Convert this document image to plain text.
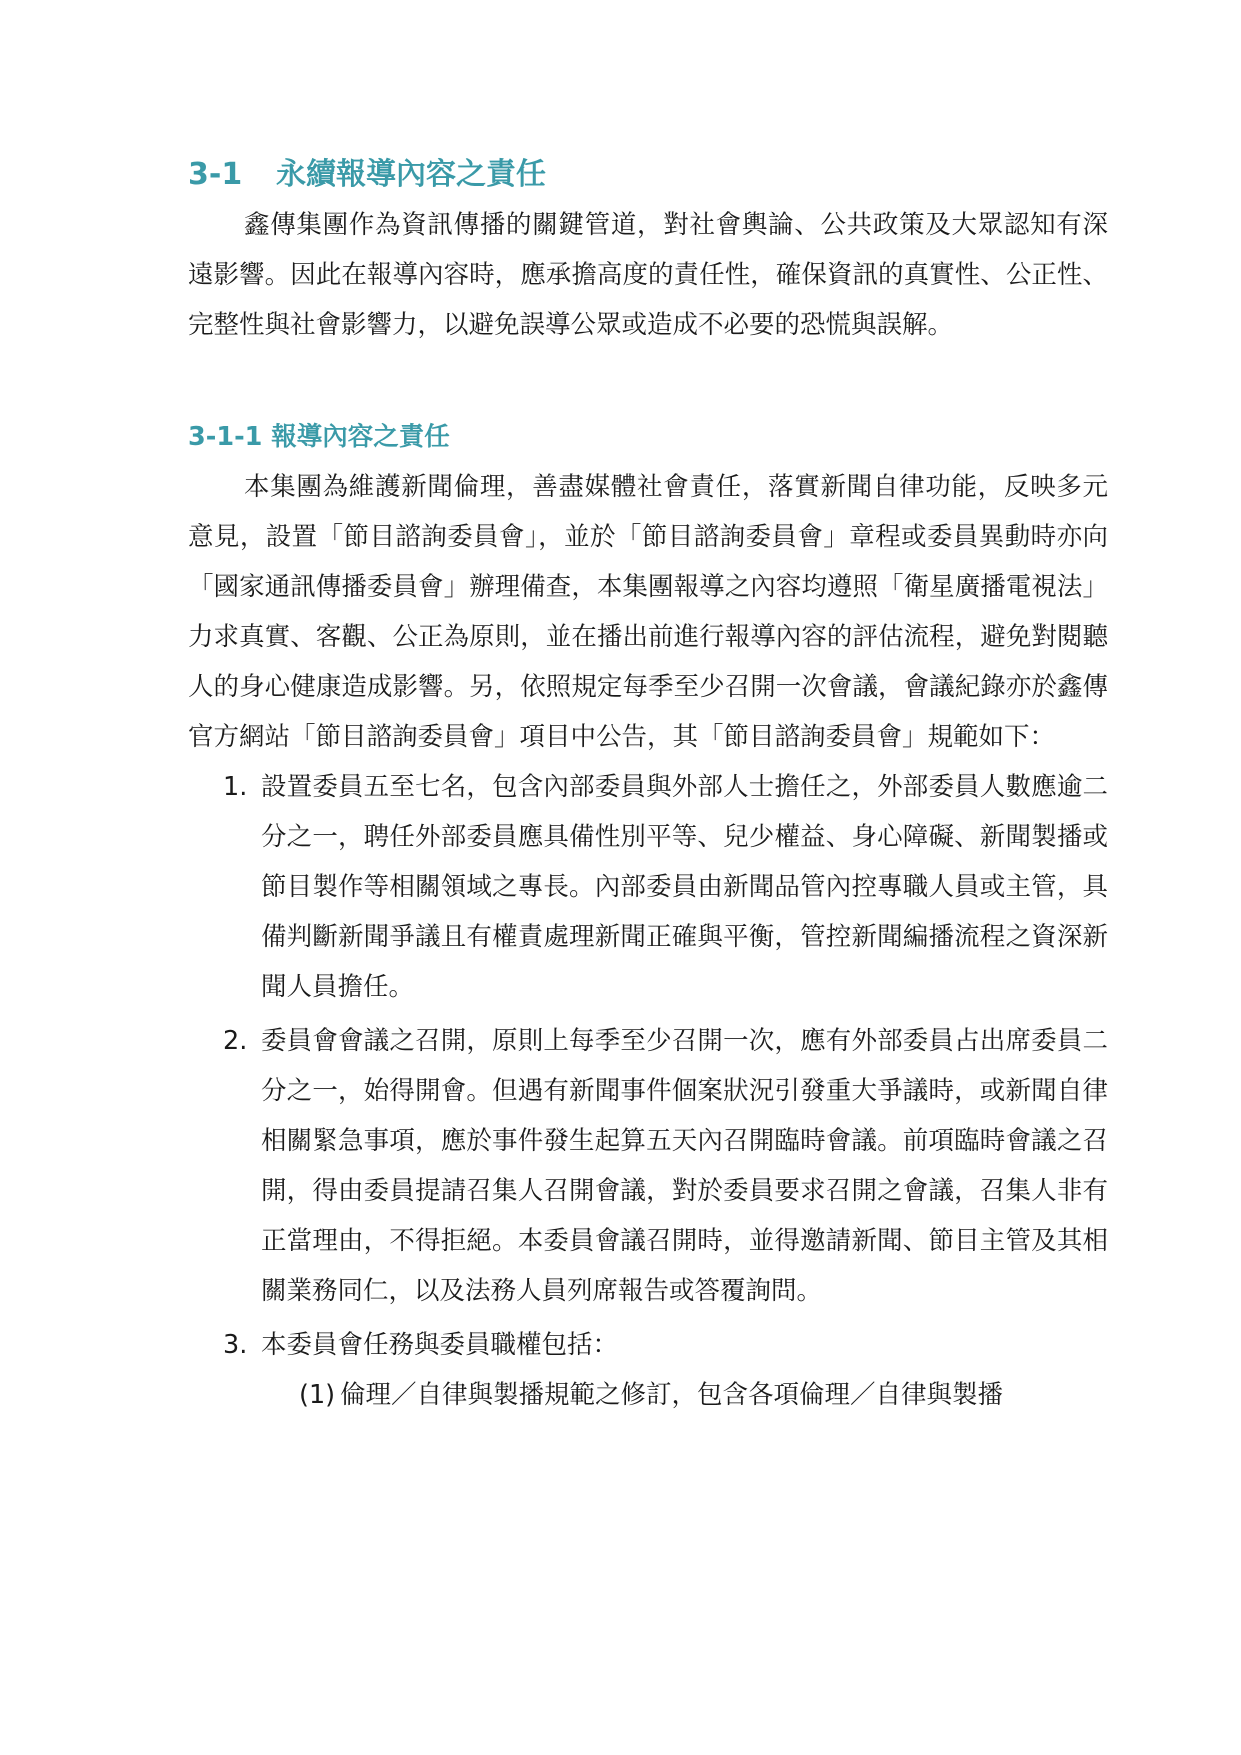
3-1 永續報導內容之責任

鑫傳集團作為資訊傳播的關鍵管道，對社會輿論、公共政策及大眾認知有深遠影響。因此在報導內容時，應承擔高度的責任性，確保資訊的真實性、公正性、完整性與社會影響力，以避免誤導公眾或造成不必要的恐慌與誤解。

3-1-1 報導內容之責任

本集團為維護新聞倫理，善盡媒體社會責任，落實新聞自律功能，反映多元意見，設置「節目諮詢委員會」，並於「節目諮詢委員會」章程或委員異動時亦向「國家通訊傳播委員會」辦理備查，本集團報導之內容均遵照「衛星廣播電視法」力求真實、客觀、公正為原則，並在播出前進行報導內容的評估流程，避免對閱聽人的身心健康造成影響。另，依照規定每季至少召開一次會議，會議紀錄亦於鑫傳官方網站「節目諮詢委員會」項目中公告，其「節目諮詢委員會」規範如下：

1. 設置委員五至七名，包含內部委員與外部人士擔任之，外部委員人數應逾二分之一，聘任外部委員應具備性別平等、兒少權益、身心障礙、新聞製播或節目製作等相關領域之專長。內部委員由新聞品管內控專職人員或主管，具備判斷新聞爭議且有權責處理新聞正確與平衡，管控新聞編播流程之資深新聞人員擔任。
2. 委員會會議之召開，原則上每季至少召開一次，應有外部委員占出席委員二分之一，始得開會。但遇有新聞事件個案狀況引發重大爭議時，或新聞自律相關緊急事項，應於事件發生起算五天內召開臨時會議。前項臨時會議之召開，得由委員提請召集人召開會議，對於委員要求召開之會議，召集人非有正當理由，不得拒絕。本委員會議召開時，並得邀請新聞、節目主管及其相關業務同仁，以及法務人員列席報告或答覆詢問。
3. 本委員會任務與委員職權包括：
(1) 倫理／自律與製播規範之修訂，包含各項倫理／自律與製播
